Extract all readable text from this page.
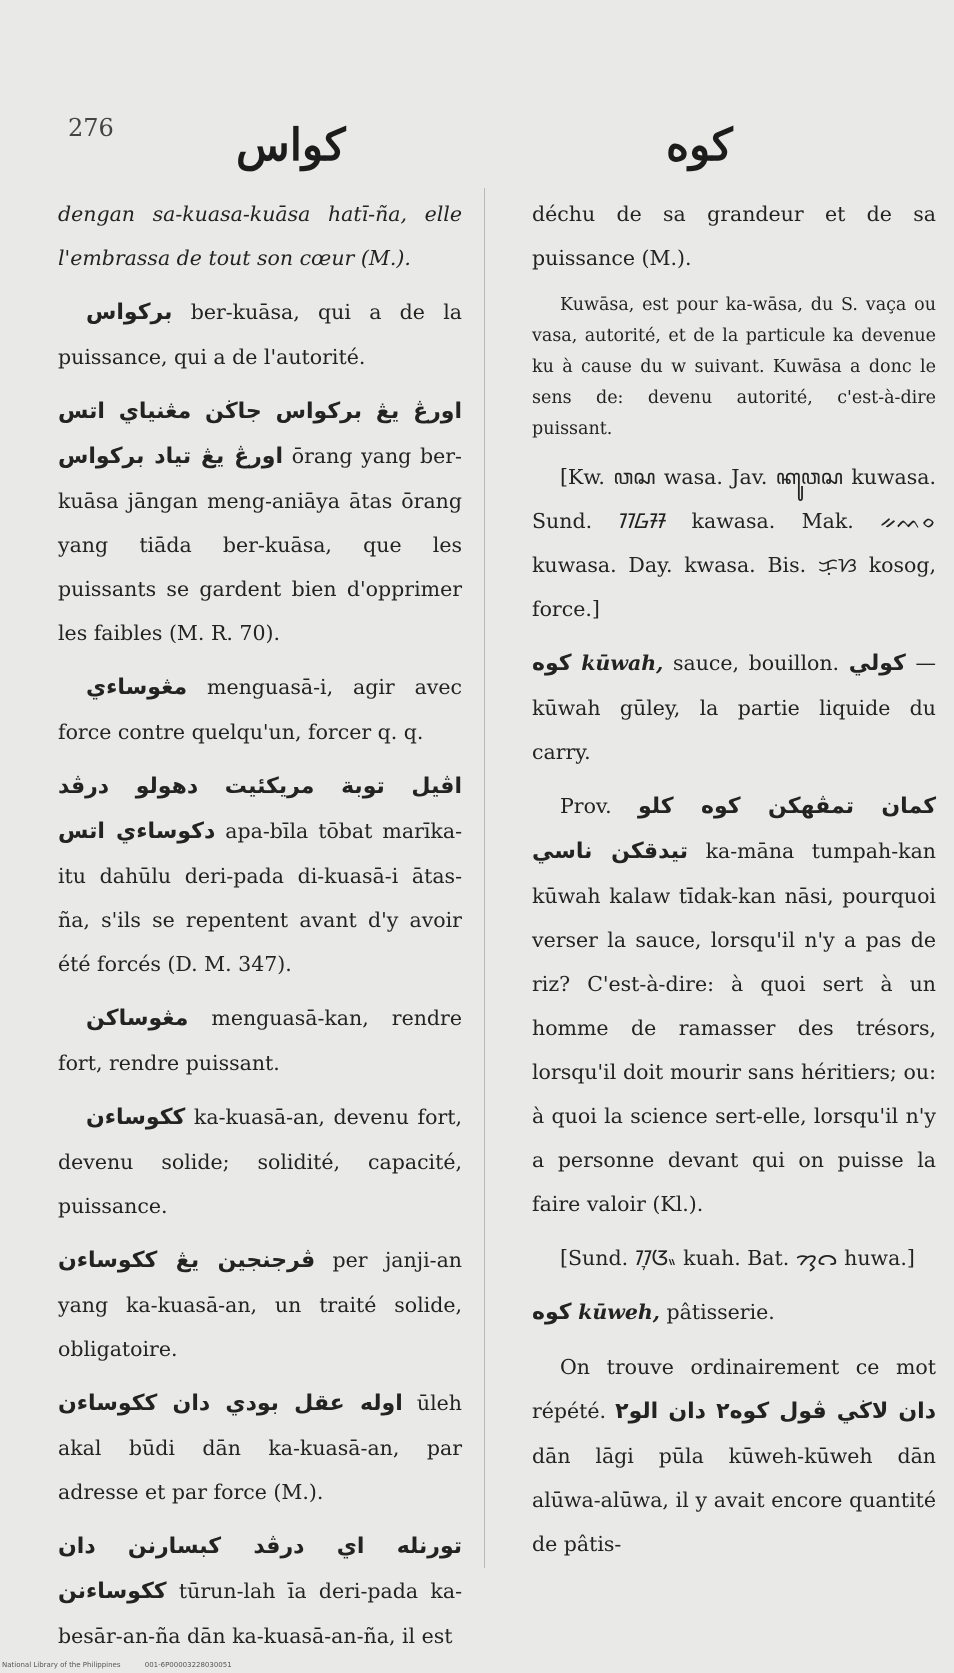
276	كواس	كوه

dengan sa-kuasa-kuāsa hatī-ña, elle l'embrassa de tout son cœur (M.).

بركواس ber-kuāsa, qui a de la puissance, qui a de l'autorité.

اورڠ يڠ بركواس جاڬن مڠنياي اتس اورڠ يڠ تياد بركواس ōrang yang ber-kuāsa jāngan meng-aniāya ātas ōrang yang tiāda ber-kuāsa, que les puissants se gardent bien d'opprimer les faibles (M. R. 70).

مڠوساءي menguasā-i, agir avec force contre quelqu'un, forcer q. q.

اڤيل توبة مريكئيت دهولو درڤد دكوساءي اتس apa-bīla tōbat marīka-itu dahūlu deri-pada di-kuasā-i ātas-ña, s'ils se repentent avant d'y avoir été forcés (D. M. 347).

مڠوساكن menguasā-kan, rendre fort, rendre puissant.

ككوساءن ka-kuasā-an, devenu fort, devenu solide; solidité, capacité, puissance.

ڤرجنجين يڠ ككوساءن per janji-an yang ka-kuasā-an, un traité solide, obligatoire.

اوله عقل بودي دان ككوساءن ūleh akal būdi dān ka-kuasā-an, par adresse et par force (M.).

تورنله اي درڤد كبسارنن دان ككوساءنن tūrun-lah īa deri-pada ka-besār-an-ña dān ka-kuasā-an-ña, il est

déchu de sa grandeur et de sa puissance (M.).

Kuwāsa, est pour ka-wāsa, du S. vaça ou vasa, autorité, et de la particule ka devenue ku à cause du w suivant. Kuwāsa a donc le sens de: devenu autorité, c'est-à-dire puissant.

[Kw. ꦮꦱ wasa. Jav. ꦏꦸꦮꦱ kuwasa. Sund. ᮊᮝᮞ kawasa. Mak. ᨀᨓᨔ kuwasa. Day. kwasa. Bis. ᜃᜓᜐ kosog, force.]

كوه kūwah, sauce, bouillon. كولي — kūwah gūley, la partie liquide du carry.

Prov. كمان تمڤهكن كوه كلو تيدقكن ناسي ka-māna tumpah-kan kūwah kalaw tīdak-kan nāsi, pourquoi verser la sauce, lorsqu'il n'y a pas de riz? C'est-à-dire: à quoi sert à un homme de ramasser des trésors, lorsqu'il doit mourir sans héritiers; ou: à quoi la science sert-elle, lorsqu'il n'y a personne devant qui on puisse la faire valoir (Kl.).

[Sund. ᮊᮥᮃᮂ kuah. Bat. ᯂᯮᯋ huwa.]

كوه kūweh, pâtisserie.

On trouve ordinairement ce mot répété. دان لاڬي ڤول كوه٢ دان الو٢ dān lāgi pūla kūweh-kūweh dān alūwa-alūwa, il y avait encore quantité de pâtis-

National Library of the Philippines	001-6P00003228030051
